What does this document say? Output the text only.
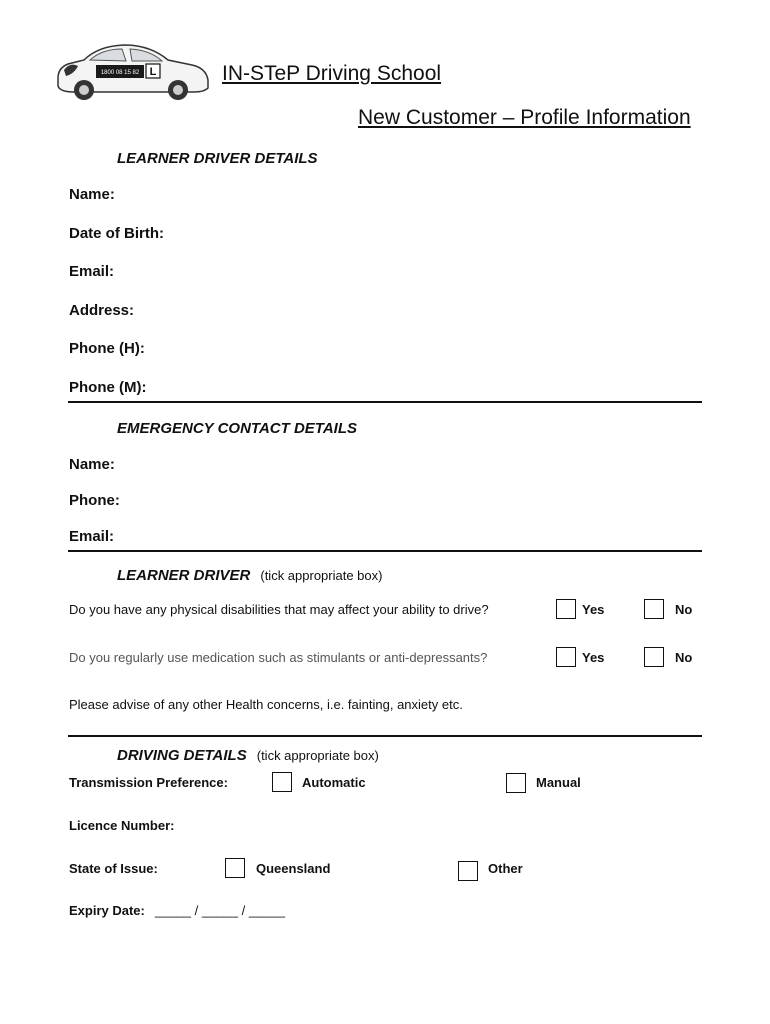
1800 08 15 82 L	IN-STeP Driving School
New Customer – Profile Information
LEARNER DRIVER DETAILS
Name:
Date of Birth:
Email:
Address:
Phone (H):
Phone (M):
EMERGENCY CONTACT DETAILS
Name:
Phone:
Email:
LEARNER DRIVER (tick appropriate box)
Do you have any physical disabilities that may affect your ability to drive?	Yes	No
Do you regularly use medication such as stimulants or anti-depressants?	Yes	No
Please advise of any other Health concerns, i.e. fainting, anxiety etc.
DRIVING DETAILS (tick appropriate box)
Transmission Preference:	Automatic	Manual
Licence Number:
State of Issue:	Queensland	Other
Expiry Date: _____ / _____ / _____
